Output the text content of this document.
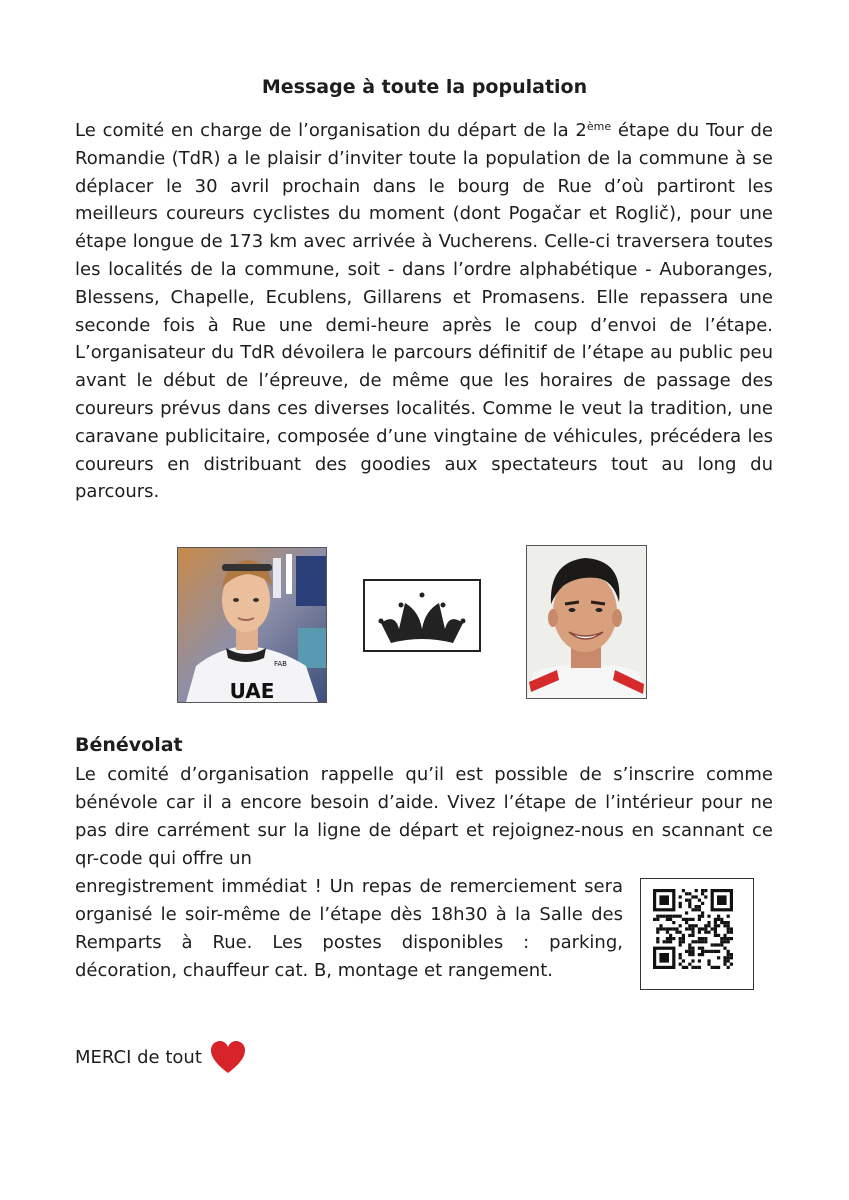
Message à toute la population

Le comité en charge de l’organisation du départ de la 2ème étape du Tour de Romandie (TdR) a le plaisir d’inviter toute la population de la commune à se déplacer le 30 avril prochain dans le bourg de Rue d’où partiront les meilleurs coureurs cyclistes du moment (dont Pogačar et Roglič), pour une étape longue de 173 km avec arrivée à Vucherens. Celle-ci traversera toutes les localités de la commune, soit - dans l’ordre alphabétique - Auboranges, Blessens, Chapelle, Ecublens, Gillarens et Promasens. Elle repassera une seconde fois à Rue une demi-heure après le coup d’envoi de l’étape. L’organisateur du TdR dévoilera le parcours définitif de l’étape au public peu avant le début de l’épreuve, de même que les horaires de passage des coureurs prévus dans ces diverses localités. Comme le veut la tradition, une caravane publicitaire, composée d’une vingtaine de véhicules, précédera les coureurs en distribuant des goodies aux spectateurs tout au long du parcours.

UAE
FAB
Bénévolat

Le comité d’organisation rappelle qu’il est possible de s’inscrire comme bénévole car il a encore besoin d’aide. Vivez l’étape de l’intérieur pour ne pas dire carrément sur la ligne de départ et rejoignez-nous en scannant ce qr-code qui offre un

enregistrement immédiat ! Un repas de remerciement sera organisé le soir-même de l’étape dès 18h30 à la Salle des Remparts à Rue. Les postes disponibles : parking, décoration, chauffeur cat. B, montage et rangement.

MERCI de tout
